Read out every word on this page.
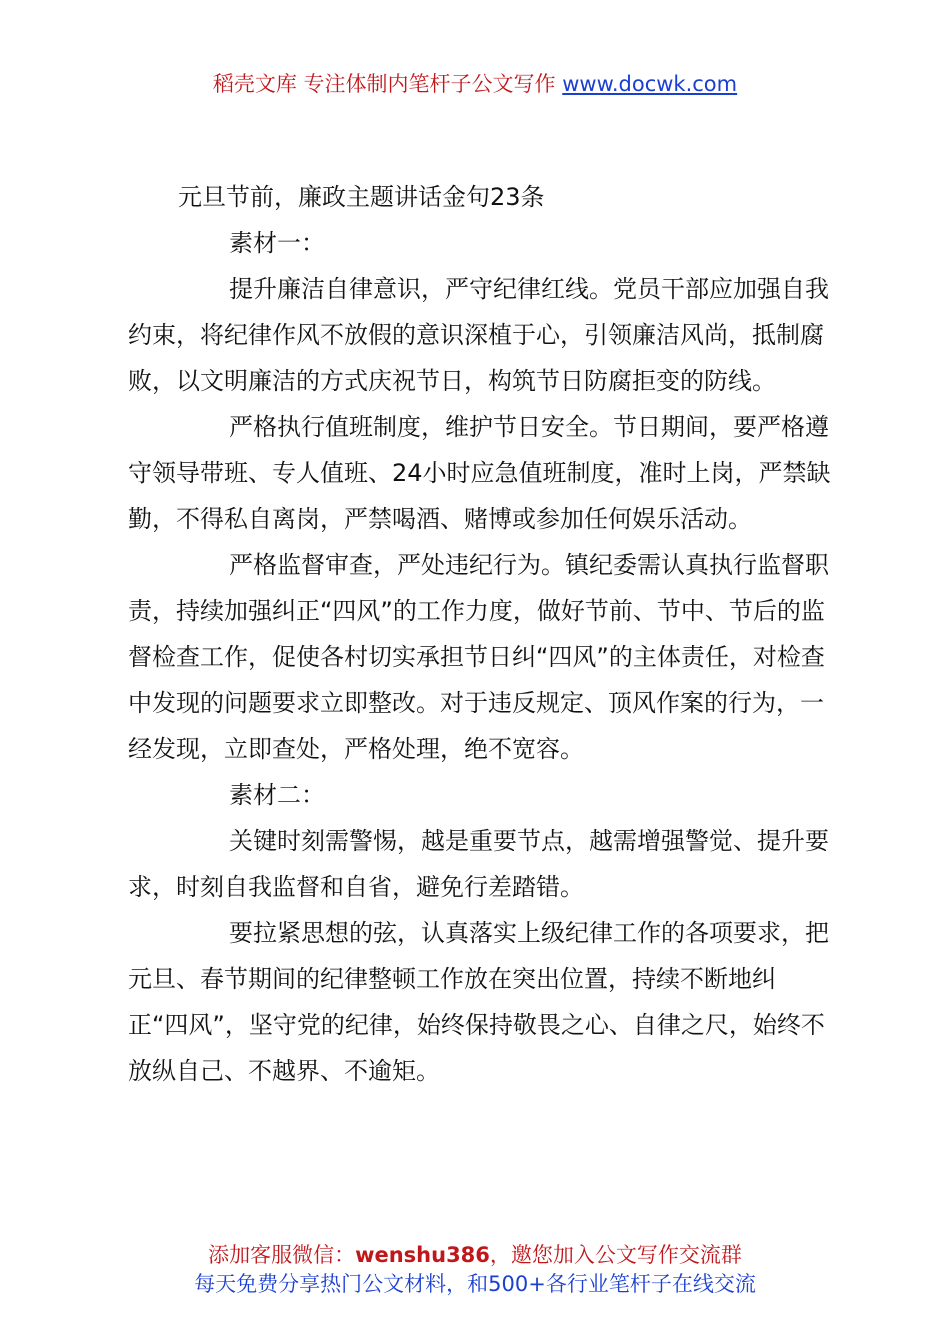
稻壳文库 专注体制内笔杆子公文写作 www.docwk.com

元旦节前，廉政主题讲话金句23条

素材一：

提升廉洁自律意识，严守纪律红线。党员干部应加强自我约束，将纪律作风不放假的意识深植于心，引领廉洁风尚，抵制腐败，以文明廉洁的方式庆祝节日，构筑节日防腐拒变的防线。

严格执行值班制度，维护节日安全。节日期间，要严格遵守领导带班、专人值班、24小时应急值班制度，准时上岗，严禁缺勤，不得私自离岗，严禁喝酒、赌博或参加任何娱乐活动。

严格监督审查，严处违纪行为。镇纪委需认真执行监督职责，持续加强纠正“四风”的工作力度，做好节前、节中、节后的监督检查工作，促使各村切实承担节日纠“四风”的主体责任，对检查中发现的问题要求立即整改。对于违反规定、顶风作案的行为，一经发现，立即查处，严格处理，绝不宽容。

素材二：

关键时刻需警惕，越是重要节点，越需增强警觉、提升要求，时刻自我监督和自省，避免行差踏错。

要拉紧思想的弦，认真落实上级纪律工作的各项要求，把元旦、春节期间的纪律整顿工作放在突出位置，持续不断地纠正“四风”，坚守党的纪律，始终保持敬畏之心、自律之尺，始终不放纵自己、不越界、不逾矩。

添加客服微信：wenshu386，邀您加入公文写作交流群
每天免费分享热门公文材料，和500+各行业笔杆子在线交流
